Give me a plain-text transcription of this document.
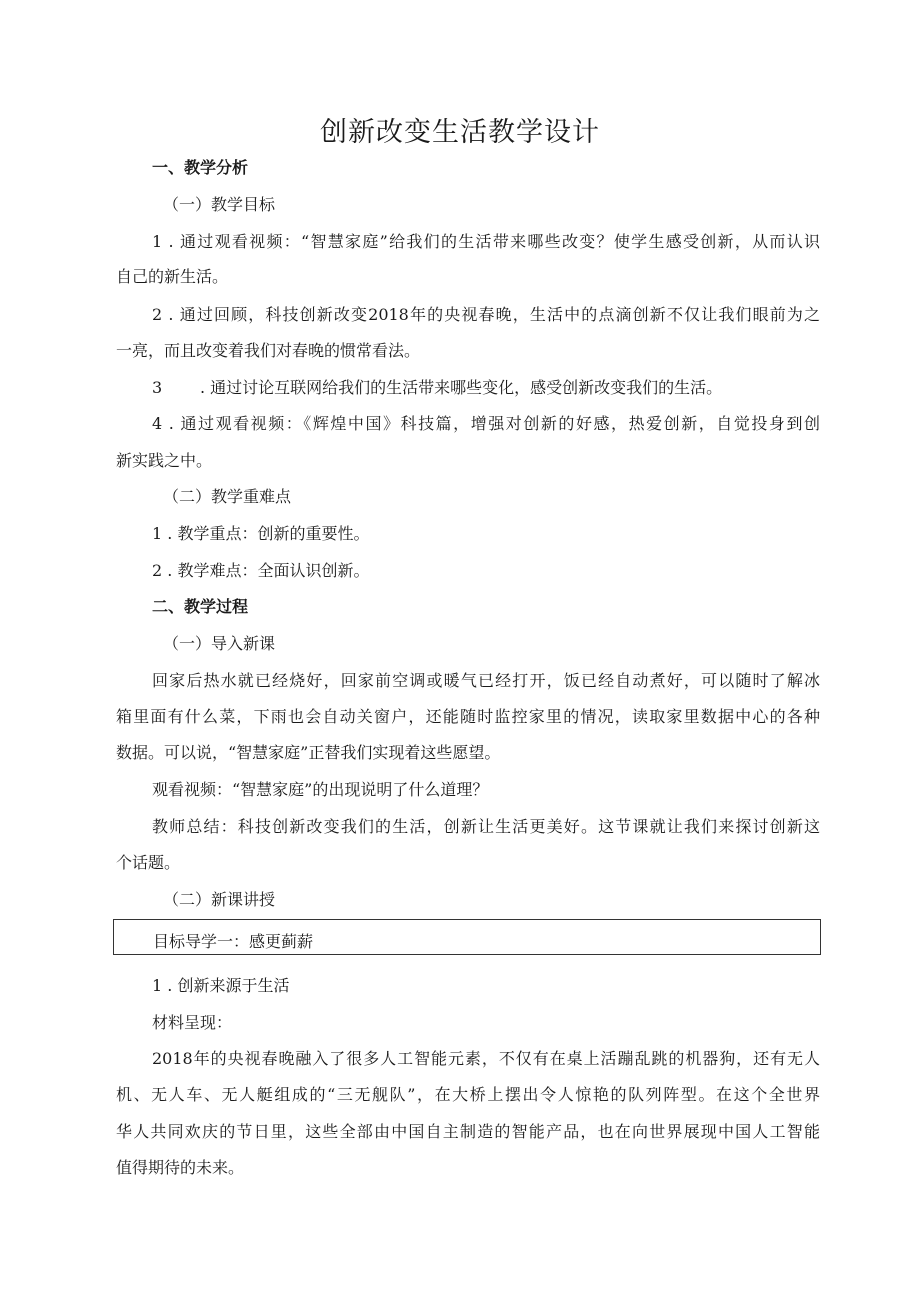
创新改变生活教学设计
一、教学分析
（一）教学目标
1 . 通过观看视频：“智慧家庭”给我们的生活带来哪些改变？使学生感受创新，从而认识
自己的新生活。
2 . 通过回顾，科技创新改变2018年的央视春晚，生活中的点滴创新不仅让我们眼前为之
一亮，而且改变着我们对春晚的惯常看法。
3 . 通过讨论互联网给我们的生活带来哪些变化，感受创新改变我们的生活。
4 . 通过观看视频：《辉煌中国》科技篇，增强对创新的好感，热爱创新，自觉投身到创
新实践之中。
（二）教学重难点
1 . 教学重点：创新的重要性。
2 . 教学难点：全面认识创新。
二、教学过程
（一）导入新课
回家后热水就已经烧好，回家前空调或暖气已经打开，饭已经自动煮好，可以随时了解冰
箱里面有什么菜，下雨也会自动关窗户，还能随时监控家里的情况，读取家里数据中心的各种
数据。可以说，“智慧家庭”正替我们实现着这些愿望。
观看视频：“智慧家庭”的出现说明了什么道理？
教师总结：科技创新改变我们的生活，创新让生活更美好。这节课就让我们来探讨创新这
个话题。
（二）新课讲授
目标导学一：感更蓟薪
1 . 创新来源于生活
材料呈现：
2018年的央视春晚融入了很多人工智能元素，不仅有在桌上活蹦乱跳的机器狗，还有无人
机、无人车、无人艇组成的“三无舰队”，在大桥上摆出令人惊艳的队列阵型。在这个全世界
华人共同欢庆的节日里，这些全部由中国自主制造的智能产品，也在向世界展现中国人工智能
值得期待的未来。
